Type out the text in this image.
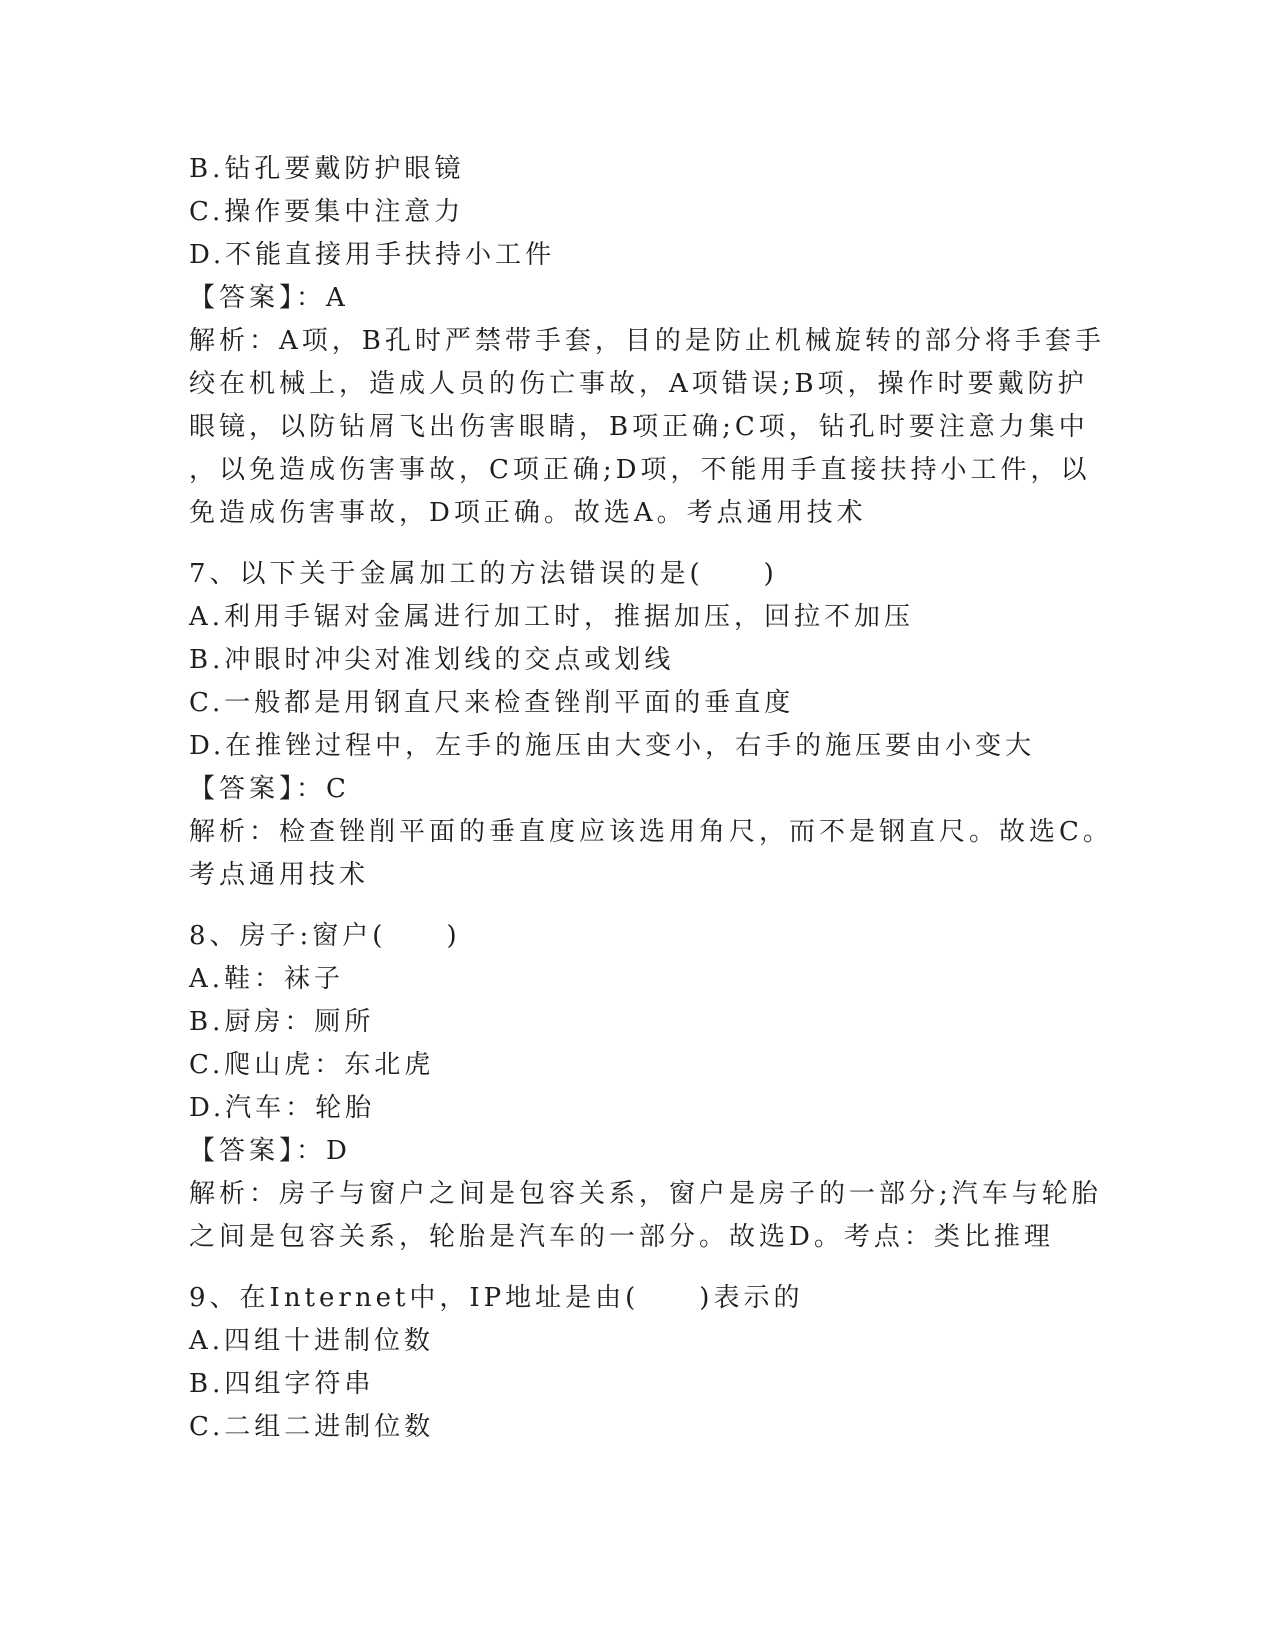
B.钻孔要戴防护眼镜
C.操作要集中注意力
D.不能直接用手扶持小工件
【答案】：A
解析：A项，B孔时严禁带手套，目的是防止机械旋转的部分将手套手
绞在机械上，造成人员的伤亡事故，A项错误;B项，操作时要戴防护
眼镜，以防钻屑飞出伤害眼睛，B项正确;C项，钻孔时要注意力集中
，以免造成伤害事故，C项正确;D项，不能用手直接扶持小工件，以
免造成伤害事故，D项正确。故选A。考点通用技术
7、以下关于金属加工的方法错误的是(　　)
A.利用手锯对金属进行加工时，推据加压，回拉不加压
B.冲眼时冲尖对准划线的交点或划线
C.一般都是用钢直尺来检查锉削平面的垂直度
D.在推锉过程中，左手的施压由大变小，右手的施压要由小变大
【答案】：C
解析：检查锉削平面的垂直度应该选用角尺，而不是钢直尺。故选C。
考点通用技术
8、房子:窗户(　　)
A.鞋：袜子
B.厨房：厕所
C.爬山虎：东北虎
D.汽车：轮胎
【答案】：D
解析：房子与窗户之间是包容关系，窗户是房子的一部分;汽车与轮胎
之间是包容关系，轮胎是汽车的一部分。故选D。考点：类比推理
9、在Internet中，IP地址是由(　　)表示的
A.四组十进制位数
B.四组字符串
C.二组二进制位数
